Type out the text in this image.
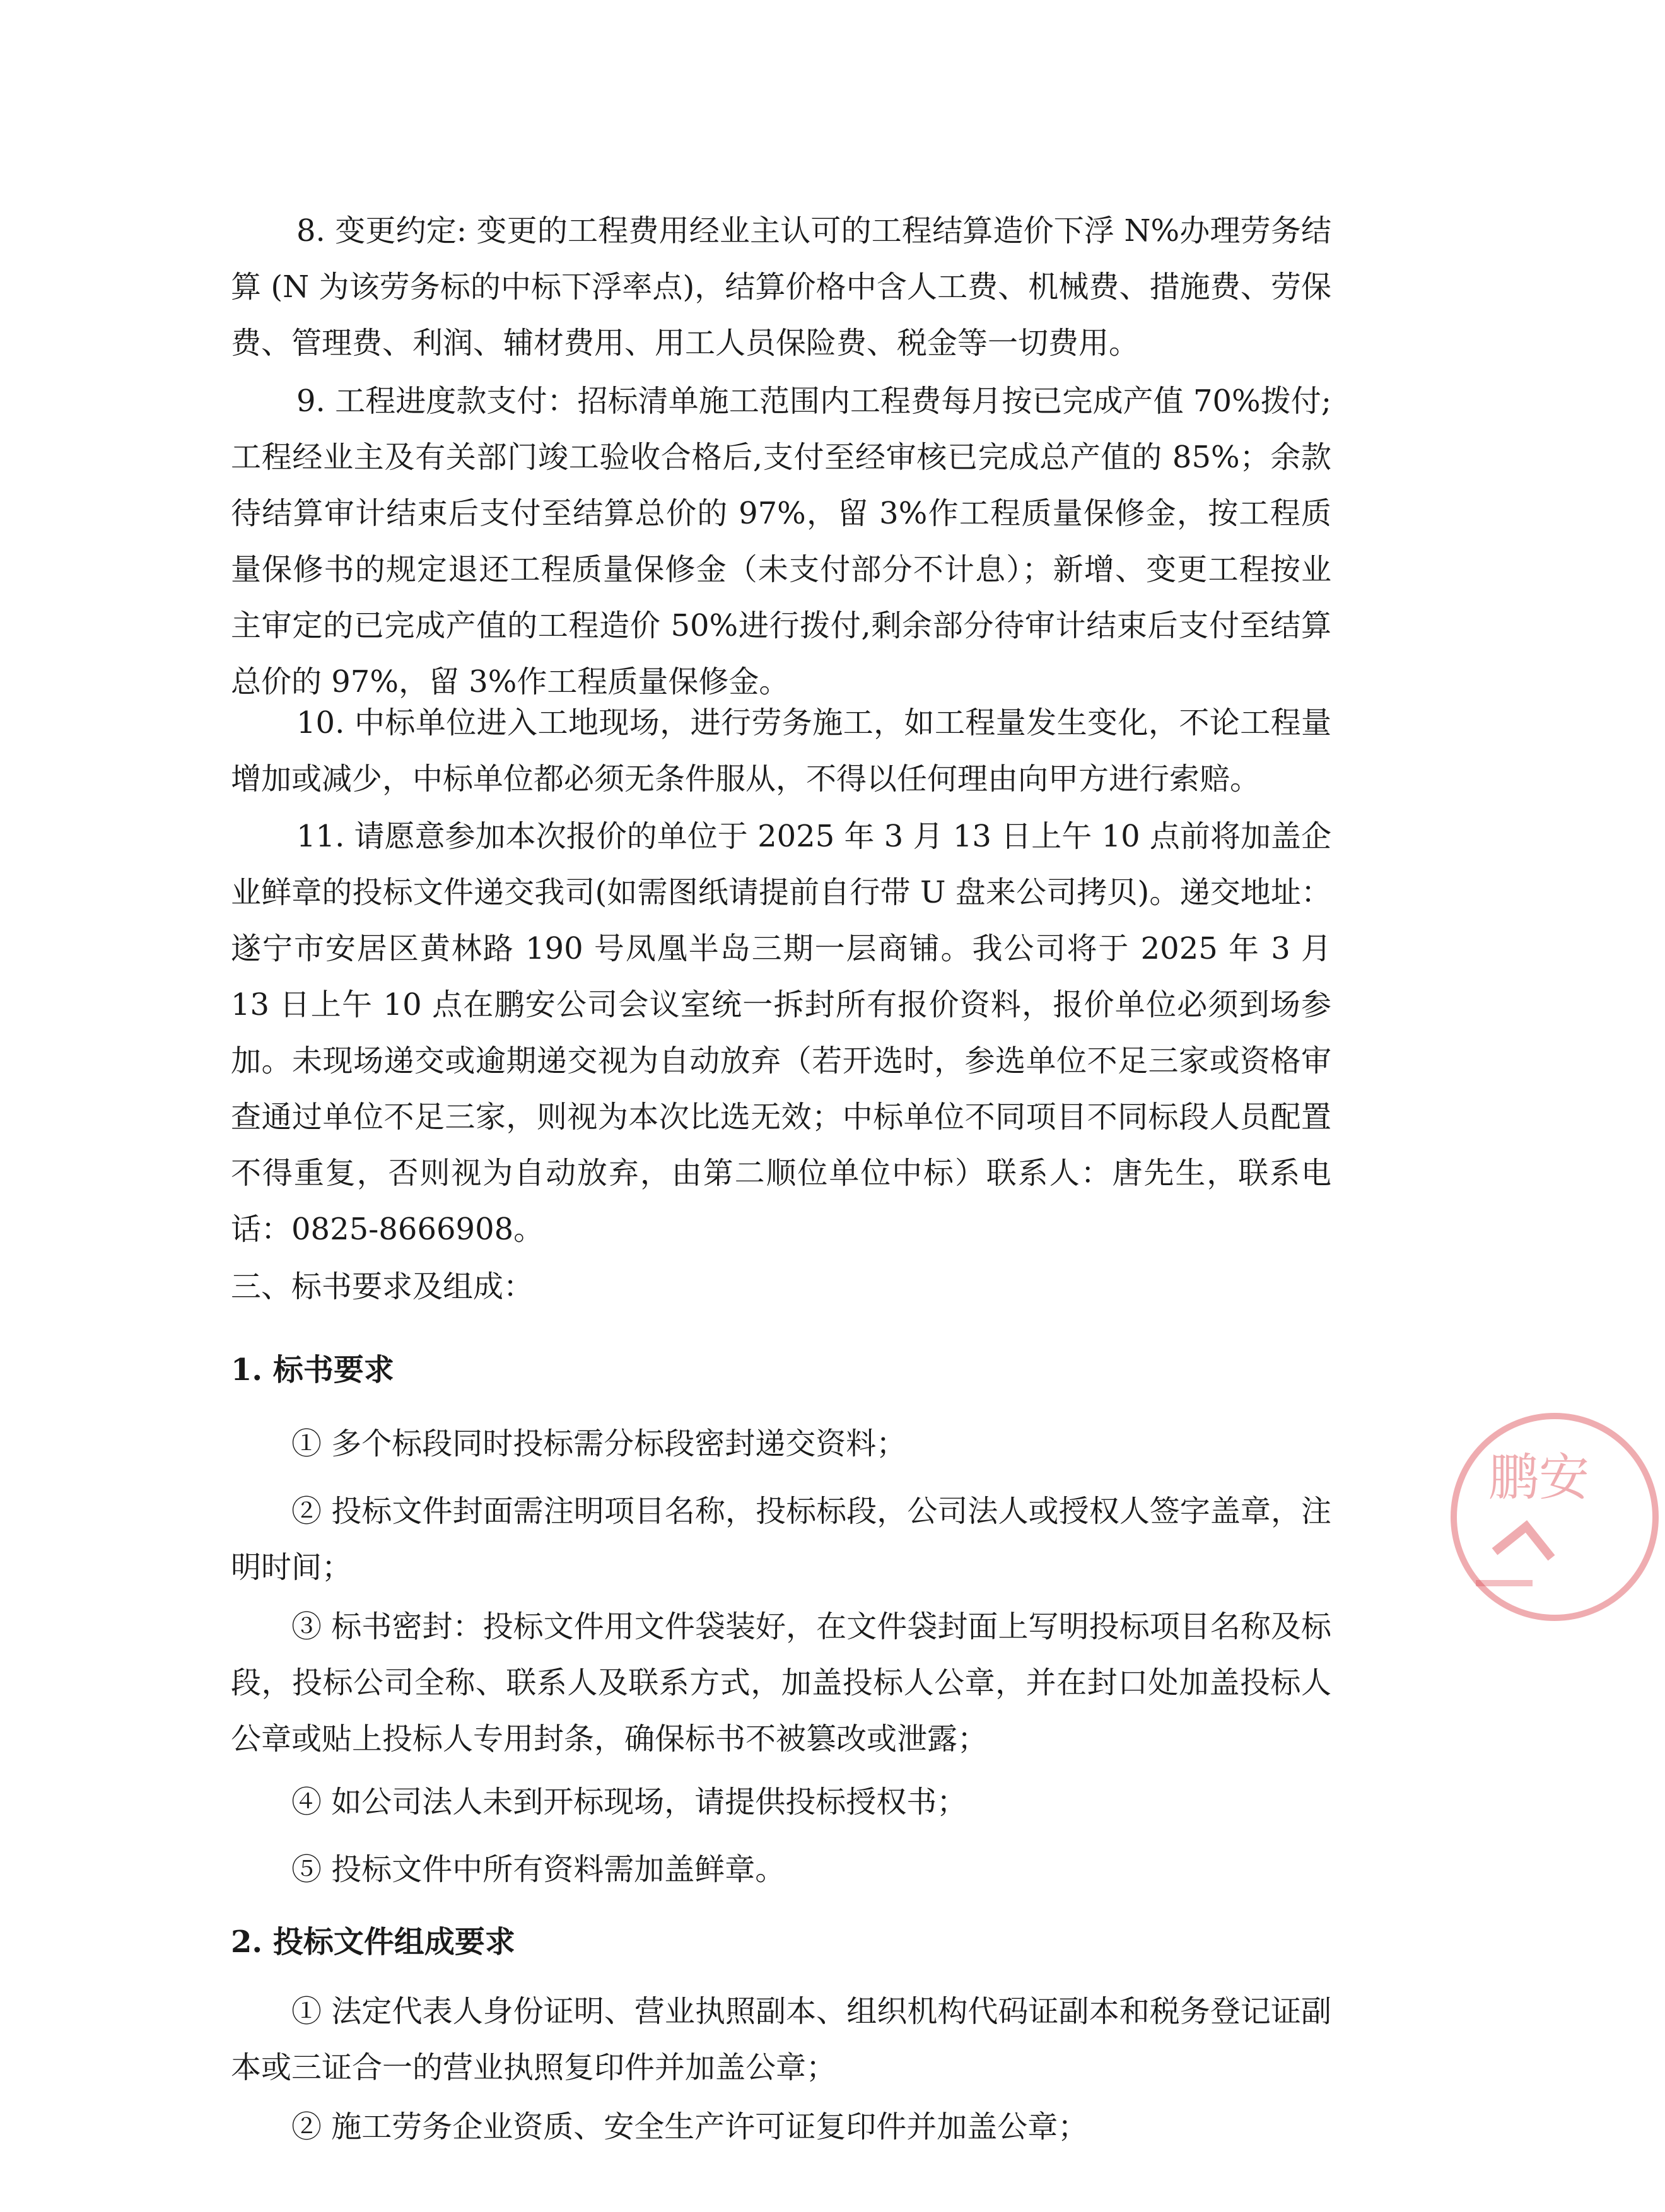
8. 变更约定: 变更的工程费用经业主认可的工程结算造价下浮 N%办理劳务结算 (N 为该劳务标的中标下浮率点)，结算价格中含人工费、机械费、措施费、劳保费、管理费、利润、辅材费用、用工人员保险费、税金等一切费用。

9. 工程进度款支付：招标清单施工范围内工程费每月按已完成产值 70%拨付;工程经业主及有关部门竣工验收合格后,支付至经审核已完成总产值的 85%；余款待结算审计结束后支付至结算总价的 97%，留 3%作工程质量保修金，按工程质量保修书的规定退还工程质量保修金（未支付部分不计息）；新增、变更工程按业主审定的已完成产值的工程造价 50%进行拨付,剩余部分待审计结束后支付至结算总价的 97%，留 3%作工程质量保修金。

10. 中标单位进入工地现场，进行劳务施工，如工程量发生变化，不论工程量增加或减少，中标单位都必须无条件服从，不得以任何理由向甲方进行索赔。

11. 请愿意参加本次报价的单位于 2025 年 3 月 13 日上午 10 点前将加盖企业鲜章的投标文件递交我司(如需图纸请提前自行带 U 盘来公司拷贝)。递交地址：遂宁市安居区黄林路 190 号凤凰半岛三期一层商铺。我公司将于 2025 年 3 月 13 日上午 10 点在鹏安公司会议室统一拆封所有报价资料，报价单位必须到场参加。未现场递交或逾期递交视为自动放弃（若开选时，参选单位不足三家或资格审查通过单位不足三家，则视为本次比选无效；中标单位不同项目不同标段人员配置不得重复，否则视为自动放弃，由第二顺位单位中标）联系人：唐先生，联系电话：0825-8666908。

三、标书要求及组成：

1. 标书要求

① 多个标段同时投标需分标段密封递交资料；

② 投标文件封面需注明项目名称，投标标段，公司法人或授权人签字盖章，注明时间；

③ 标书密封：投标文件用文件袋装好，在文件袋封面上写明投标项目名称及标段，投标公司全称、联系人及联系方式，加盖投标人公章，并在封口处加盖投标人公章或贴上投标人专用封条，确保标书不被篡改或泄露；

④ 如公司法人未到开标现场，请提供投标授权书；

⑤ 投标文件中所有资料需加盖鲜章。

2. 投标文件组成要求

① 法定代表人身份证明、营业执照副本、组织机构代码证副本和税务登记证副本或三证合一的营业执照复印件并加盖公章；

② 施工劳务企业资质、安全生产许可证复印件并加盖公章；

鹏安
